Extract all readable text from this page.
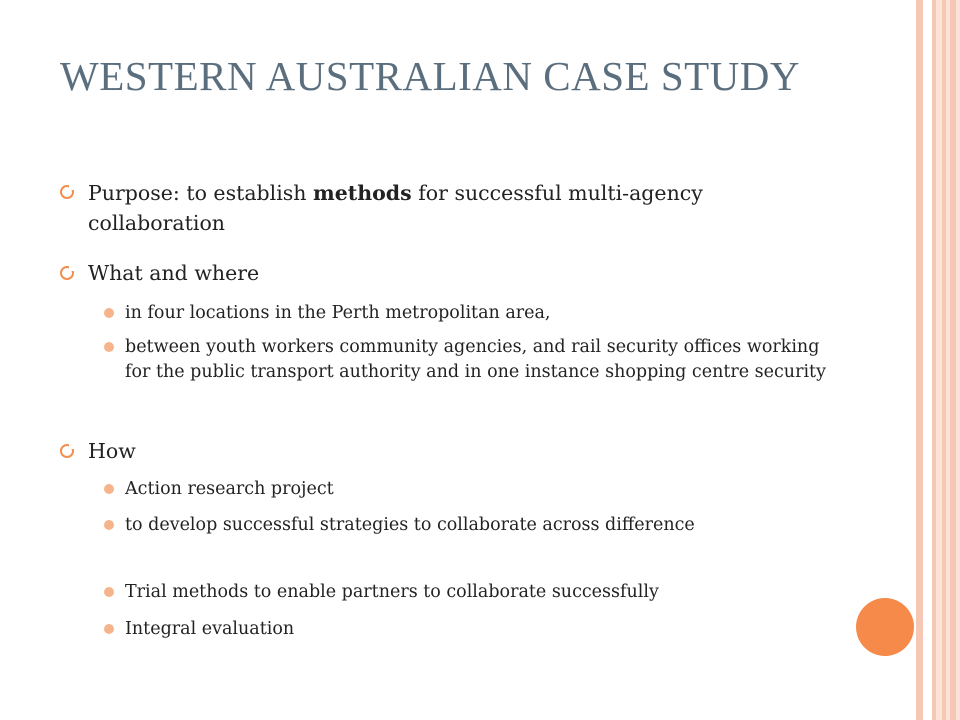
WESTERN AUSTRALIAN CASE STUDY
Purpose: to establish methods for successful multi-agency collaboration
What and where
in four locations in the Perth metropolitan area,
between youth workers community agencies, and rail security offices working for the public transport authority and in one instance shopping centre security
How
Action research project
to develop successful strategies to collaborate across difference
Trial methods to enable partners to collaborate successfully
Integral evaluation
